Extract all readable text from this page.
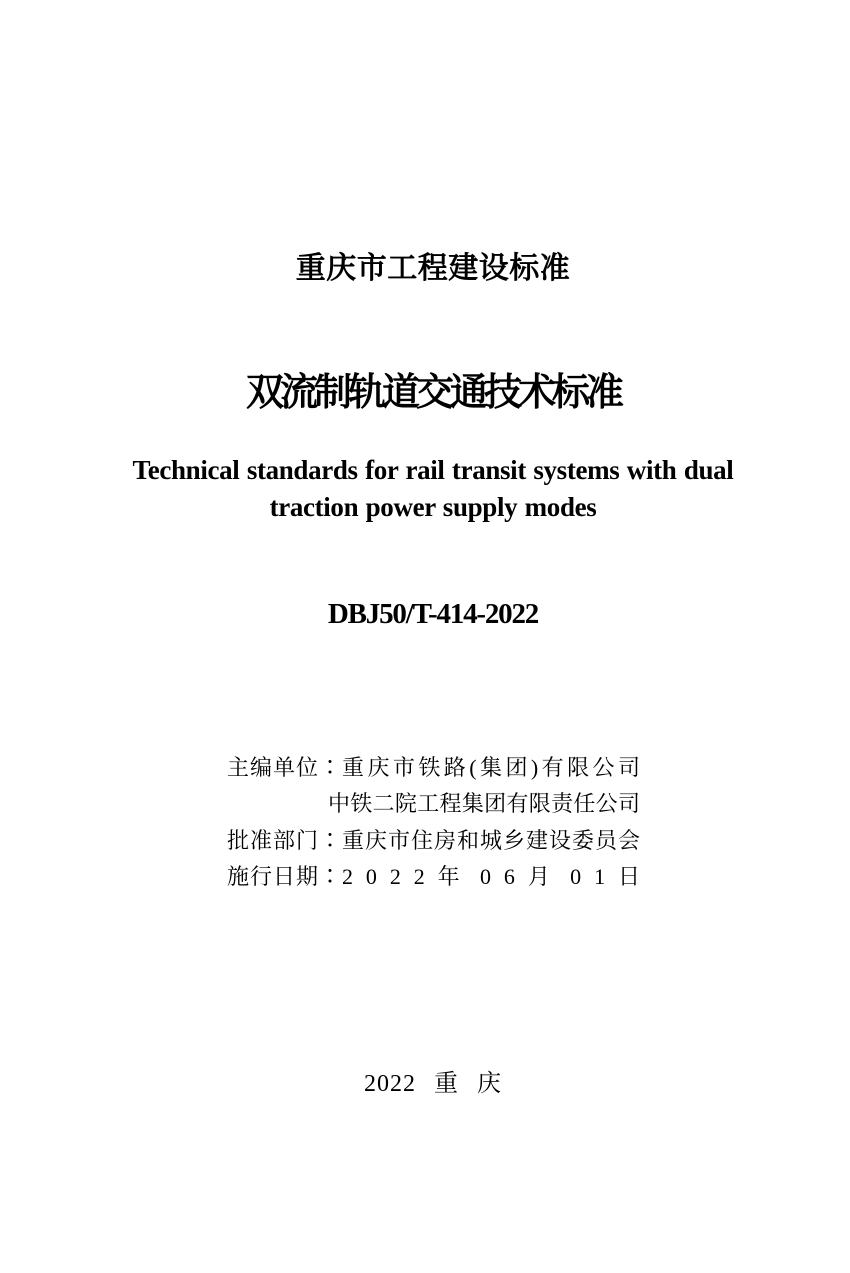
重庆市工程建设标准
双流制轨道交通技术标准
Technical standards for rail transit systems with dual
traction power supply modes
DBJ50/T-414-2022
主编单位∶ 重庆市铁路(集团)有限公司
中铁二院工程集团有限责任公司
批准部门∶ 重庆市住房和城乡建设委员会
施行日期∶ 2 0 2 2 年 0 6 月 0 1 日
2022 重 庆
